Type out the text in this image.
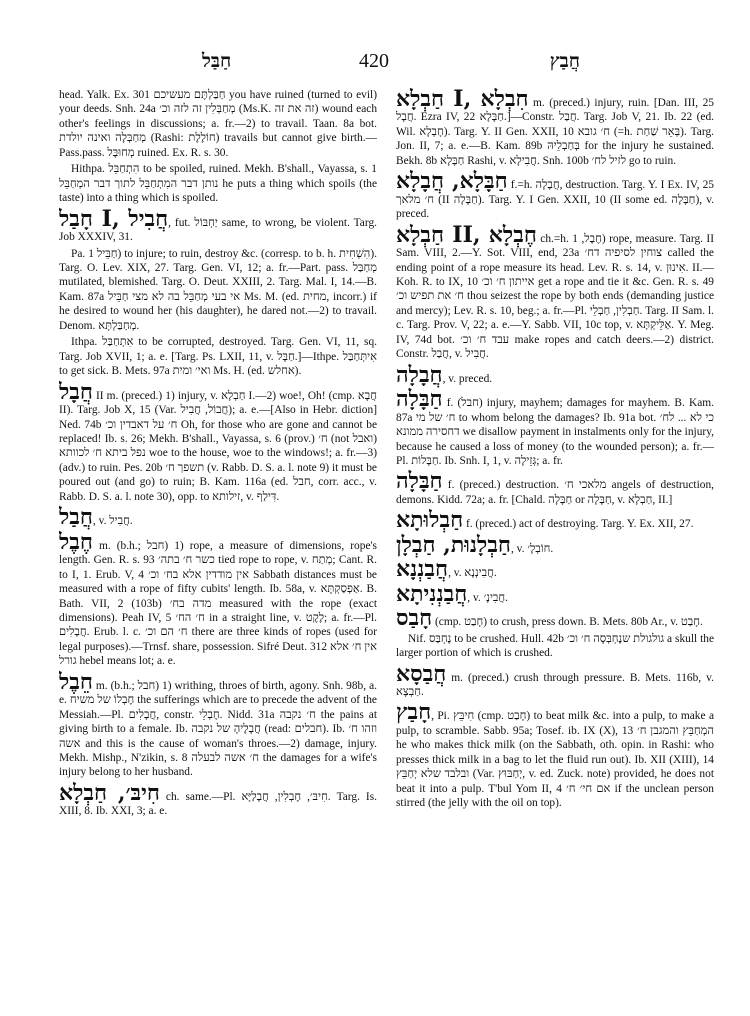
חַבַּל	420	חֲבַץ

head. Yalk. Ex. 301 חַבַּלְתֶּם מעשיכם you have ruined (turned to evil) your deeds. Snh. 24a מְחַבְּלִין זה לזה וכ׳ (Ms.K. זה את זה) wound each other's feelings in discussions; a. fr.—2) to travail. Taan. 8a bot. מְחַבְּלָה ואינה יולדת (Rashi: חוֹלֶלֶת) travails but cannot give birth.—Pass.pass. מְחוּבָּל ruined. Ex. R. s. 30.

Hithpa. הִתְחַבֵּל to be spoiled, ruined. Mekh. B'shall., Vayassa, s. 1 נותן דבר המִתְחַבֵּל לתוך דבר המְחַבֵּל he puts a thing which spoils (the taste) into a thing which is spoiled.

חָבַל I, חֲבִיל, fut. יַחְבּוֹל same, to wrong, be violent. Targ. Job XXXIV, 31.

Pa. חַבֵּיל 1) to injure; to ruin, destroy &c. (corresp. to b. h. הִשְׁחִית). Targ. O. Lev. XIX, 27. Targ. Gen. VI, 12; a. fr.—Part. pass. מְחַבַּל mutilated, blemished. Targ. O. Deut. XXIII, 2. Targ. Mal. I, 14.—B. Kam. 87a אי בעי מְחַבֵּל בה לא מצי חַבֵּיל Ms. M. (ed. מחית, incorr.) if he desired to wound her (his daughter), he dared not.—2) to travail. Denom. מְחַבַּלְתָּא.

Ithpa. אִתְחַבַּל to be corrupted, destroyed. Targ. Gen. VI, 11, sq. Targ. Job XVII, 1; a. e. [Targ. Ps. LXII, 11, v. חַבָּל.]—Ithpe. אִיתְּחַבַּל to get sick. B. Mets. 97a ואי׳ ומית Ms. H. (ed. אחלש).

חֲבָל II m. (preced.) 1) injury, v. חַבְלָא I.—2) woe!, Oh! (cmp. חֲבָא II). Targ. Job X, 15 (Var. חֲבוֹל, חֲבִיל); a. e.—[Also in Hebr. diction] Ned. 74b ח׳ על דאבדין וכ׳ Oh, for those who are gone and cannot be replaced! Ib. s. 26; Mekh. B'shall., Vayassa, s. 6 (prov.) ח׳ (not ואבל) נפל ביתא ח׳ לכוותא woe to the house, woe to the windows!; a. fr.—3) (adv.) to ruin. Pes. 20b תשפך ח׳ (v. Rabb. D. S. a. l. note 9) it must be poured out (and go) to ruin; B. Kam. 116a (ed. חבל, corr. acc., v. Rabb. D. S. a. l. note 30), opp. to זילותא, v. דִּילַף.

חֲבַל, v. חֲבִיל.

חֶבֶל m. (b.h.; חבל) 1) rope, a measure of dimensions, rope's length. Gen. R. s. 93 כשר ח׳ בתה׳ tied rope to rope, v. מְתַח; Cant. R. to I, 1. Erub. V, 4 אין מודדין אלא בח׳ וכ׳ Sabbath distances must be measured with a rope of fifty cubits' length. Ib. 58a, v. אַפְסַקְתָּא. B. Bath. VII, 2 (103b) מדה בח׳ measured with the rope (exact dimensions). Peah IV, 5 ח׳ הח׳ in a straight line, v. לֶקֶט; a. fr.—Pl. חֲבָלִים. Erub. l. c. ח׳ הם וכ׳ there are three kinds of ropes (used for legal purposes).—Trnsf. share, possession. Sifré Deut. 312 אין ח׳ אלא גורל hebel means lot; a. e.

חֵבֶל m. (b.h.; חבל) 1) writhing, throes of birth, agony. Snh. 98b, a. e. חֶבְלוֹ של משיח the sufferings which are to precede the advent of the Messiah.—Pl. חֲבָלִים, constr. חֶבְלֵי. Nidd. 31a ח׳ נקבה the pains at giving birth to a female. Ib. חֲבָלֶיהָ של נקבה (read: חבלים). Ib. וזהו ח׳ אשה and this is the cause of woman's throes.—2) damage, injury. Mekh. Mishp., N'zikin, s. 8 ח׳ אשה לבעלה the damages for a wife's injury belong to her husband.

חִיבּ׳, חַבְלָא ch. same.—Pl. חִיבּ׳, חֶבְלִין, חֲבָלַיָּא. Targ. Is. XIII, 8. Ib. XXI, 3; a. e.

חַבְלָא I, חִבְלָא m. (preced.) injury, ruin. [Dan. III, 25 חֲבָל. Ezra IV, 22 חַבָּלָא.]—Constr. חֲבַל. Targ. Job V, 21. Ib. 22 (ed. Wil. חָבְלָא). Targ. Y. II Gen. XXII, 10 ח׳ גובא (=h. בְּאֵר שַׁחַת). Targ. Jon. II, 7; a. e.—B. Kam. 89b בְּחַבְלֵיהּ for the injury he sustained. Bekh. 8b חַבָּלָא Rashi, v. חֲבִילָא. Snh. 100b לזיל לח׳ go to ruin.

חַבָּלָא, חֲבָלָא f.=h. חֲבָלָה, destruction. Targ. Y. I Ex. IV, 25 ח׳ מלאך (II חַבָּלָה). Targ. Y. I Gen. XXII, 10 (II some ed. חַבָּלָה), v. preced.

חַבְלָא II, חֶבְלָא ch.=h. חֶבֶל, 1) rope, measure. Targ. II Sam. VIII, 2.—Y. Sot. VIII, end, 23a צוחין לסיפיה דח׳ called the ending point of a rope measure its head. Lev. R. s. 14, v. אִינוּן. II.—Koh. R. to IX, 10 אייתון ח׳ וכ׳ get a rope and tie it &c. Gen. R. s. 49 ח׳ את תפיש וכ׳ thou seizest the rope by both ends (demanding justice and mercy); Lev. R. s. 10, beg.; a. fr.—Pl. חַבְלִין, חַבְלֵי. Targ. II Sam. l. c. Targ. Prov. V, 22; a. e.—Y. Sabb. VII, 10c top, v. אַלֵּיקְתָּא. Y. Meg. IV, 74d bot. עבד ח׳ וכ׳ make ropes and catch deers.—2) district. Constr. חֲבַל, v. חֲבִיל.

חֲבָלָה, v. preced.

חַבָּלָה f. (חבל) injury, mayhem; damages for mayhem. B. Kam. 87a ח׳ של מי to whom belong the damages? Ib. 91a bot. כי לא ... לח׳ דחסירה ממונא we disallow payment in instalments only for the injury, because he caused a loss of money (to the wounded person); a. fr.—Pl. חַבָּלוֹת. Ib. Snh. I, 1, v. גְּזֵילָה; a. fr.

חַבָּלָה f. (preced.) destruction. מלאכי ח׳ angels of destruction, demons. Kidd. 72a; a. fr. [Chald. חַבָּלָה or חַבָּלָה, v. חַבְלָא, II.]

חַבְלוּתָא f. (preced.) act of destroying. Targ. Y. Ex. XII, 27.

חַבְלָנוּת, חַבְלָן, v. חוֹבְלָ׳.

חֲבַנְנָא, v. חֲבִינְנָא.

חֲבַנְנִיתָא, v. חֲבִינָ׳.

חָבַס (cmp. חָבַט) to crush, press down. B. Mets. 80b Ar., v. חָבַט.

Nif. נֶחְבַּס to be crushed. Hull. 42b גולגולת שנֶחְבְּסָה ח׳ וכ׳ a skull the larger portion of which is crushed.

חֲבַסָא m. (preced.) crush through pressure. B. Mets. 116b, v. חַבְצָא.

חָבַץ, Pi. חִיבֵּץ (cmp. חָבַט) to beat milk &c. into a pulp, to make a pulp, to scramble. Sabb. 95a; Tosef. ib. IX (X), 13 המְחַבֵּץ והמגבן ח׳ he who makes thick milk (on the Sabbath, oth. opin. in Rashi: who presses thick milk in a bag to let the fluid run out). Ib. XII (XIII), 14 ובלבד שלא יְחַבֵּץ (Var. יְחַבּוּץ, v. ed. Zuck. note) provided, he does not beat it into a pulp. T'bul Yom II, 4 אם חי׳ ח׳ if the unclean person stirred (the jelly with the oil on top).
